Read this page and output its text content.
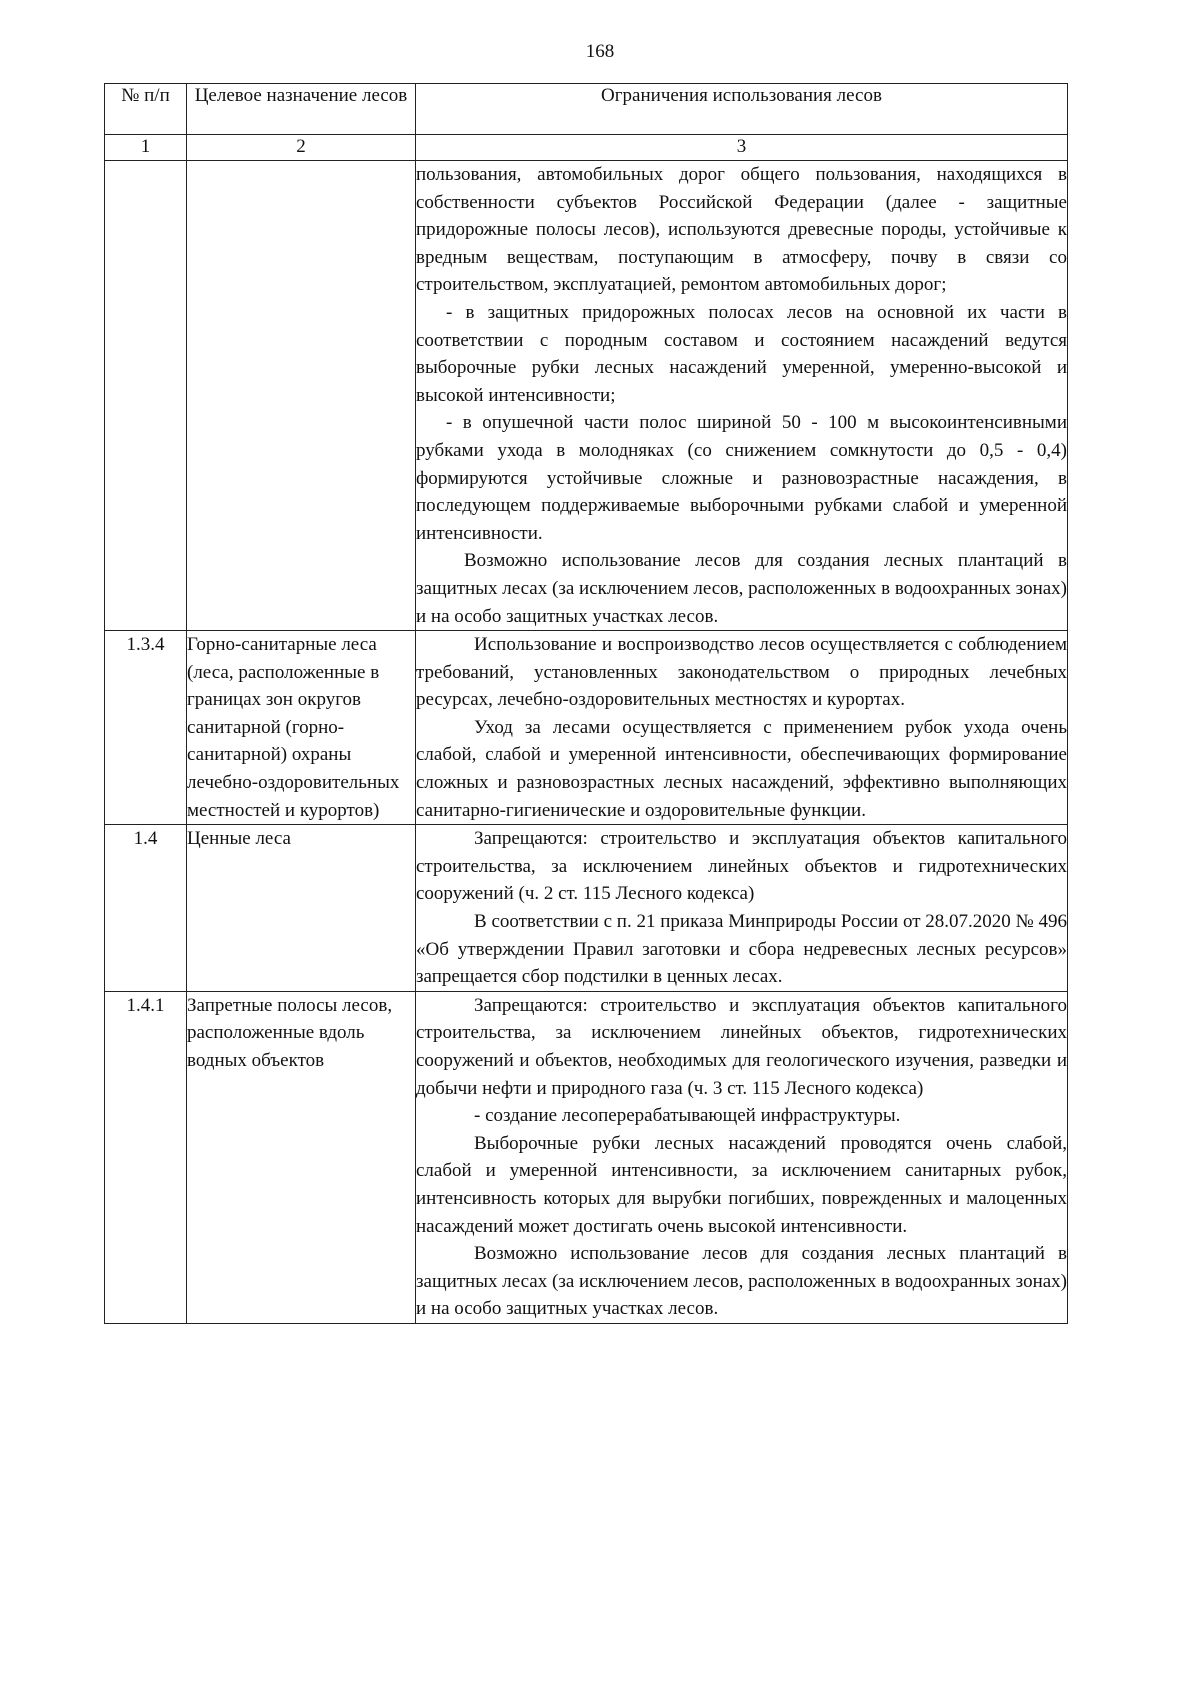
168
№ п/п	Целевое назначение лесов	Ограничения использования лесов
1	2	3

		пользования, автомобильных дорог общего пользования, находящихся в собственности субъектов Российской Федерации (далее - защитные придорожные полосы лесов), используются древесные породы, устойчивые к вредным веществам, поступающим в атмосферу, почву в связи со строительством, эксплуатацией, ремонтом автомобильных дорог;

- в защитных придорожных полосах лесов на основной их части в соответствии с породным составом и состоянием насаждений ведутся выборочные рубки лесных насаждений умеренной, умеренно-высокой и высокой интенсивности;

- в опушечной части полос шириной 50 - 100 м высокоинтенсивными рубками ухода в молодняках (со снижением сомкнутости до 0,5 - 0,4) формируются устойчивые сложные и разновозрастные насаждения, в последующем поддерживаемые выборочными рубками слабой и умеренной интенсивности.

Возможно использование лесов для создания лесных плантаций в защитных лесах (за исключением лесов, расположенных в водоохранных зонах) и на особо защитных участках лесов.

1.3.4	Горно-санитарные леса (леса, расположенные в границах зон округов санитарной (горно-санитарной) охраны лечебно-оздоровительных местностей и курортов)	Использование и воспроизводство лесов осуществляется с соблюдением требований, установленных законодательством о природных лечебных ресурсах, лечебно-оздоровительных местностях и курортах.

Уход за лесами осуществляется с применением рубок ухода очень слабой, слабой и умеренной интенсивности, обеспечивающих формирование сложных и разновозрастных лесных насаждений, эффективно выполняющих санитарно-гигиенические и оздоровительные функции.

1.4	Ценные леса	Запрещаются: строительство и эксплуатация объектов капитального строительства, за исключением линейных объектов и гидротехнических сооружений (ч. 2 ст. 115 Лесного кодекса)

В соответствии с п. 21 приказа Минприроды России от 28.07.2020 № 496 «Об утверждении Правил заготовки и сбора недревесных лесных ресурсов» запрещается сбор подстилки в ценных лесах.

1.4.1	Запретные полосы лесов, расположенные вдоль водных объектов	Запрещаются: строительство и эксплуатация объектов капитального строительства, за исключением линейных объектов, гидротехнических сооружений и объектов, необходимых для геологического изучения, разведки и добычи нефти и природного газа (ч. 3 ст. 115 Лесного кодекса)

- создание лесоперерабатывающей инфраструктуры.

Выборочные рубки лесных насаждений проводятся очень слабой, слабой и умеренной интенсивности, за исключением санитарных рубок, интенсивность которых для вырубки погибших, поврежденных и малоценных насаждений может достигать очень высокой интенсивности.

Возможно использование лесов для создания лесных плантаций в защитных лесах (за исключением лесов, расположенных в водоохранных зонах) и на особо защитных участках лесов.
